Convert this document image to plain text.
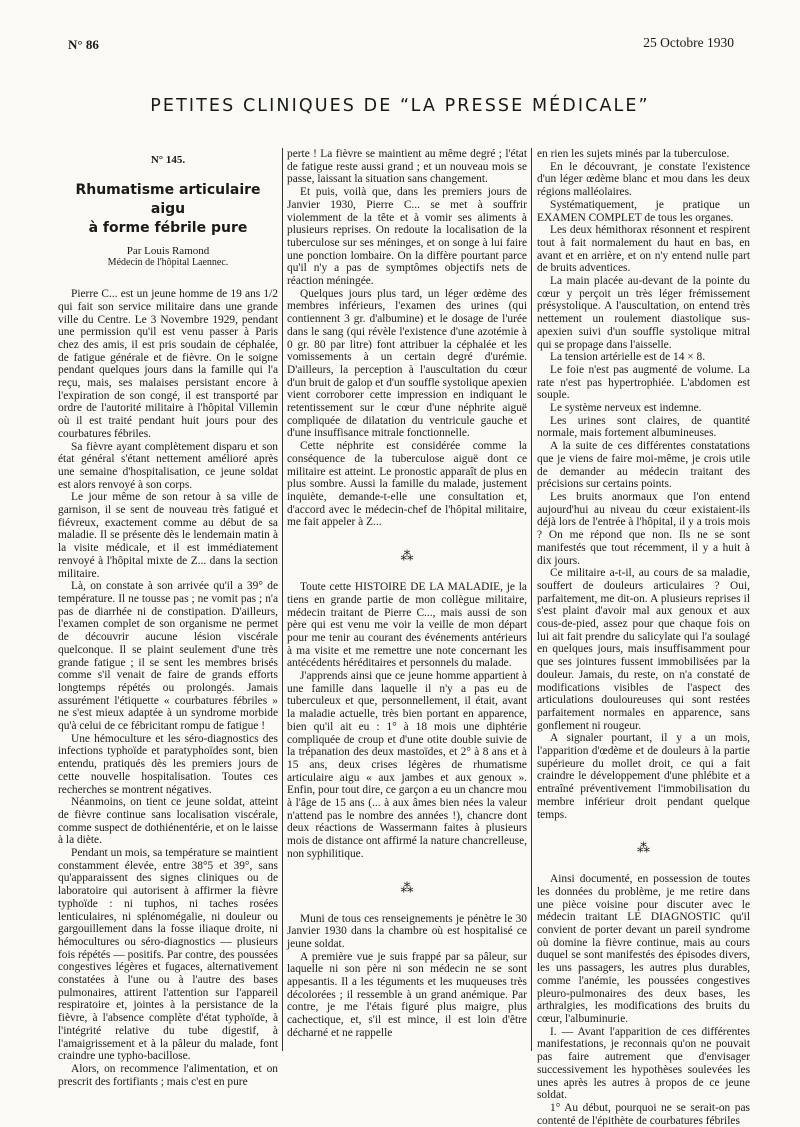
N° 86	25 Octobre 1930
PETITES CLINIQUES DE “LA PRESSE MÉDICALE”
N° 145.
Rhumatisme articulaire aigu
à forme fébrile pure
Par Louis Ramond
Médecin de l'hôpital Laennec.

Pierre C... est un jeune homme de 19 ans 1/2 qui fait son service militaire dans une grande ville du Centre. Le 3 Novembre 1929, pendant une permission qu'il est venu passer à Paris chez des amis, il est pris soudain de céphalée, de fatigue générale et de fièvre. On le soigne pendant quelques jours dans la famille qui l'a reçu, mais, ses malaises persistant encore à l'expiration de son congé, il est transporté par ordre de l'autorité militaire à l'hôpital Villemin où il est traité pendant huit jours pour des courbatures fébriles.

Sa fièvre ayant complètement disparu et son état général s'étant nettement amélioré après une semaine d'hospitalisation, ce jeune soldat est alors renvoyé à son corps.

Le jour même de son retour à sa ville de garnison, il se sent de nouveau très fatigué et fiévreux, exactement comme au début de sa maladie. Il se présente dès le lendemain matin à la visite médicale, et il est immédiatement renvoyé à l'hôpital mixte de Z... dans la section militaire.

Là, on constate à son arrivée qu'il a 39° de température. Il ne tousse pas ; ne vomit pas ; n'a pas de diarrhée ni de constipation. D'ailleurs, l'examen complet de son organisme ne permet de découvrir aucune lésion viscérale quelconque. Il se plaint seulement d'une très grande fatigue ; il se sent les membres brisés comme s'il venait de faire de grands efforts longtemps répétés ou prolongés. Jamais assurément l'étiquette « courbatures fébriles » ne s'est mieux adaptée à un syndrome morbide qu'à celui de ce fébricitant rompu de fatigue !

Une hémoculture et les séro-diagnostics des infections typhoïde et paratyphoïdes sont, bien entendu, pratiqués dès les premiers jours de cette nouvelle hospitalisation. Toutes ces recherches se montrent négatives.

Néanmoins, on tient ce jeune soldat, atteint de fièvre continue sans localisation viscérale, comme suspect de dothiénentérie, et on le laisse à la diète.

Pendant un mois, sa température se maintient constamment élevée, entre 38°5 et 39°, sans qu'apparaissent des signes cliniques ou de laboratoire qui autorisent à affirmer la fièvre typhoïde : ni tuphos, ni taches rosées lenticulaires, ni splénomégalie, ni douleur ou gargouillement dans la fosse iliaque droite, ni hémocultures ou séro-diagnostics — plusieurs fois répétés — positifs. Par contre, des poussées congestives légères et fugaces, alternativement constatées à l'une ou à l'autre des bases pulmonaires, attirent l'attention sur l'appareil respiratoire et, jointes à la persistance de la fièvre, à l'absence complète d'état typhoïde, à l'intégrité relative du tube digestif, à l'amaigrissement et à la pâleur du malade, font craindre une typho-bacillose.

Alors, on recommence l'alimentation, et on prescrit des fortifiants ; mais c'est en pure

perte ! La fièvre se maintient au même degré ; l'état de fatigue reste aussi grand ; et un nouveau mois se passe, laissant la situation sans changement.

Et puis, voilà que, dans les premiers jours de Janvier 1930, Pierre C... se met à souffrir violemment de la tête et à vomir ses aliments à plusieurs reprises. On redoute la localisation de la tuberculose sur ses méninges, et on songe à lui faire une ponction lombaire. On la diffère pourtant parce qu'il n'y a pas de symptômes objectifs nets de réaction méningée.

Quelques jours plus tard, un léger œdème des membres inférieurs, l'examen des urines (qui contiennent 3 gr. d'albumine) et le dosage de l'urée dans le sang (qui révèle l'existence d'une azotémie à 0 gr. 80 par litre) font attribuer la céphalée et les vomissements à un certain degré d'urémie. D'ailleurs, la perception à l'auscultation du cœur d'un bruit de galop et d'un souffle systolique apexien vient corroborer cette impression en indiquant le retentissement sur le cœur d'une néphrite aiguë compliquée de dilatation du ventricule gauche et d'une insuffisance mitrale fonctionnelle.

Cette néphrite est considérée comme la conséquence de la tuberculose aiguë dont ce militaire est atteint. Le pronostic apparaît de plus en plus sombre. Aussi la famille du malade, justement inquiète, demande-t-elle une consultation et, d'accord avec le médecin-chef de l'hôpital militaire, me fait appeler à Z...

⁂

Toute cette HISTOIRE DE LA MALADIE, je la tiens en grande partie de mon collègue militaire, médecin traitant de Pierre C..., mais aussi de son père qui est venu me voir la veille de mon départ pour me tenir au courant des événements antérieurs à ma visite et me remettre une note concernant les antécédents héréditaires et personnels du malade.

J'apprends ainsi que ce jeune homme appartient à une famille dans laquelle il n'y a pas eu de tuberculeux et que, personnellement, il était, avant la maladie actuelle, très bien portant en apparence, bien qu'il ait eu : 1° à 18 mois une diphtérie compliquée de croup et d'une otite double suivie de la trépanation des deux mastoïdes, et 2° à 8 ans et à 15 ans, deux crises légères de rhumatisme articulaire aigu « aux jambes et aux genoux ». Enfin, pour tout dire, ce garçon a eu un chancre mou à l'âge de 15 ans (... à aux âmes bien nées la valeur n'attend pas le nombre des années !), chancre dont deux réactions de Wassermann faites à plusieurs mois de distance ont affirmé la nature chancrelleuse, non syphilitique.

⁂

Muni de tous ces renseignements je pénètre le 30 Janvier 1930 dans la chambre où est hospitalisé ce jeune soldat.

A première vue je suis frappé par sa pâleur, sur laquelle ni son père ni son médecin ne se sont appesantis. Il a les téguments et les muqueuses très décolorées ; il ressemble à un grand anémique. Par contre, je me l'étais figuré plus maigre, plus cachectique, et, s'il est mince, il est loin d'être décharné et ne rappelle

en rien les sujets minés par la tuberculose.

En le découvrant, je constate l'existence d'un léger œdème blanc et mou dans les deux régions malléolaires.

Systématiquement, je pratique un EXAMEN COMPLET de tous les organes.

Les deux hémithorax résonnent et respirent tout à fait normalement du haut en bas, en avant et en arrière, et on n'y entend nulle part de bruits adventices.

La main placée au-devant de la pointe du cœur y perçoit un très léger frémissement présystolique. A l'auscultation, on entend très nettement un roulement diastolique sus-apexien suivi d'un souffle systolique mitral qui se propage dans l'aisselle.

La tension artérielle est de 14 × 8.

Le foie n'est pas augmenté de volume. La rate n'est pas hypertrophiée. L'abdomen est souple.

Le système nerveux est indemne.

Les urines sont claires, de quantité normale, mais fortement albumineuses.

A la suite de ces différentes constatations que je viens de faire moi-même, je crois utile de demander au médecin traitant des précisions sur certains points.

Les bruits anormaux que l'on entend aujourd'hui au niveau du cœur existaient-ils déjà lors de l'entrée à l'hôpital, il y a trois mois ? On me répond que non. Ils ne se sont manifestés que tout récemment, il y a huit à dix jours.

Ce militaire a-t-il, au cours de sa maladie, souffert de douleurs articulaires ? Oui, parfaitement, me dit-on. A plusieurs reprises il s'est plaint d'avoir mal aux genoux et aux cous-de-pied, assez pour que chaque fois on lui ait fait prendre du salicylate qui l'a soulagé en quelques jours, mais insuffisamment pour que ses jointures fussent immobilisées par la douleur. Jamais, du reste, on n'a constaté de modifications visibles de l'aspect des articulations douloureuses qui sont restées parfaitement normales en apparence, sans gonflement ni rougeur.

A signaler pourtant, il y a un mois, l'apparition d'œdème et de douleurs à la partie supérieure du mollet droit, ce qui a fait craindre le développement d'une phlébite et a entraîné préventivement l'immobilisation du membre inférieur droit pendant quelque temps.

⁂

Ainsi documenté, en possession de toutes les données du problème, je me retire dans une pièce voisine pour discuter avec le médecin traitant LE DIAGNOSTIC qu'il convient de porter devant un pareil syndrome où domine la fièvre continue, mais au cours duquel se sont manifestés des épisodes divers, les uns passagers, les autres plus durables, comme l'anémie, les poussées congestives pleuro-pulmonaires des deux bases, les arthralgies, les modifications des bruits du cœur, l'albuminurie.

I. — Avant l'apparition de ces différentes manifestations, je reconnais qu'on ne pouvait pas faire autrement que d'envisager successivement les hypothèses soulevées les unes après les autres à propos de ce jeune soldat.

1° Au début, pourquoi ne se serait-on pas contenté de l'épithète de courbatures fébriles
